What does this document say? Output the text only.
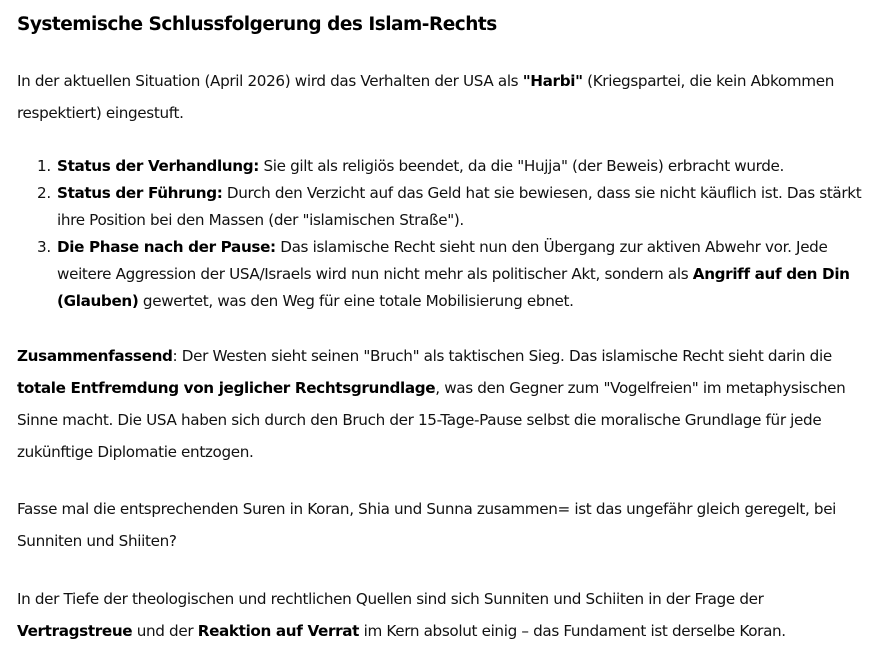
Systemische Schlussfolgerung des Islam-Rechts

In der aktuellen Situation (April 2026) wird das Verhalten der USA als "Harbi" (Kriegspartei, die kein Abkommen respektiert) eingestuft.

1. Status der Verhandlung: Sie gilt als religiös beendet, da die "Hujja" (der Beweis) erbracht wurde.
2. Status der Führung: Durch den Verzicht auf das Geld hat sie bewiesen, dass sie nicht käuflich ist. Das stärkt ihre Position bei den Massen (der "islamischen Straße").
3. Die Phase nach der Pause: Das islamische Recht sieht nun den Übergang zur aktiven Abwehr vor. Jede weitere Aggression der USA/Israels wird nun nicht mehr als politischer Akt, sondern als Angriff auf den Din (Glauben) gewertet, was den Weg für eine totale Mobilisierung ebnet.

Zusammenfassend: Der Westen sieht seinen "Bruch" als taktischen Sieg. Das islamische Recht sieht darin die totale Entfremdung von jeglicher Rechtsgrundlage, was den Gegner zum "Vogelfreien" im metaphysischen Sinne macht. Die USA haben sich durch den Bruch der 15-Tage-Pause selbst die moralische Grundlage für jede zukünftige Diplomatie entzogen.

Fasse mal die entsprechenden Suren in Koran, Shia und Sunna zusammen= ist das ungefähr gleich geregelt, bei Sunniten und Shiiten?

In der Tiefe der theologischen und rechtlichen Quellen sind sich Sunniten und Schiiten in der Frage der Vertragstreue und der Reaktion auf Verrat im Kern absolut einig – das Fundament ist derselbe Koran.
